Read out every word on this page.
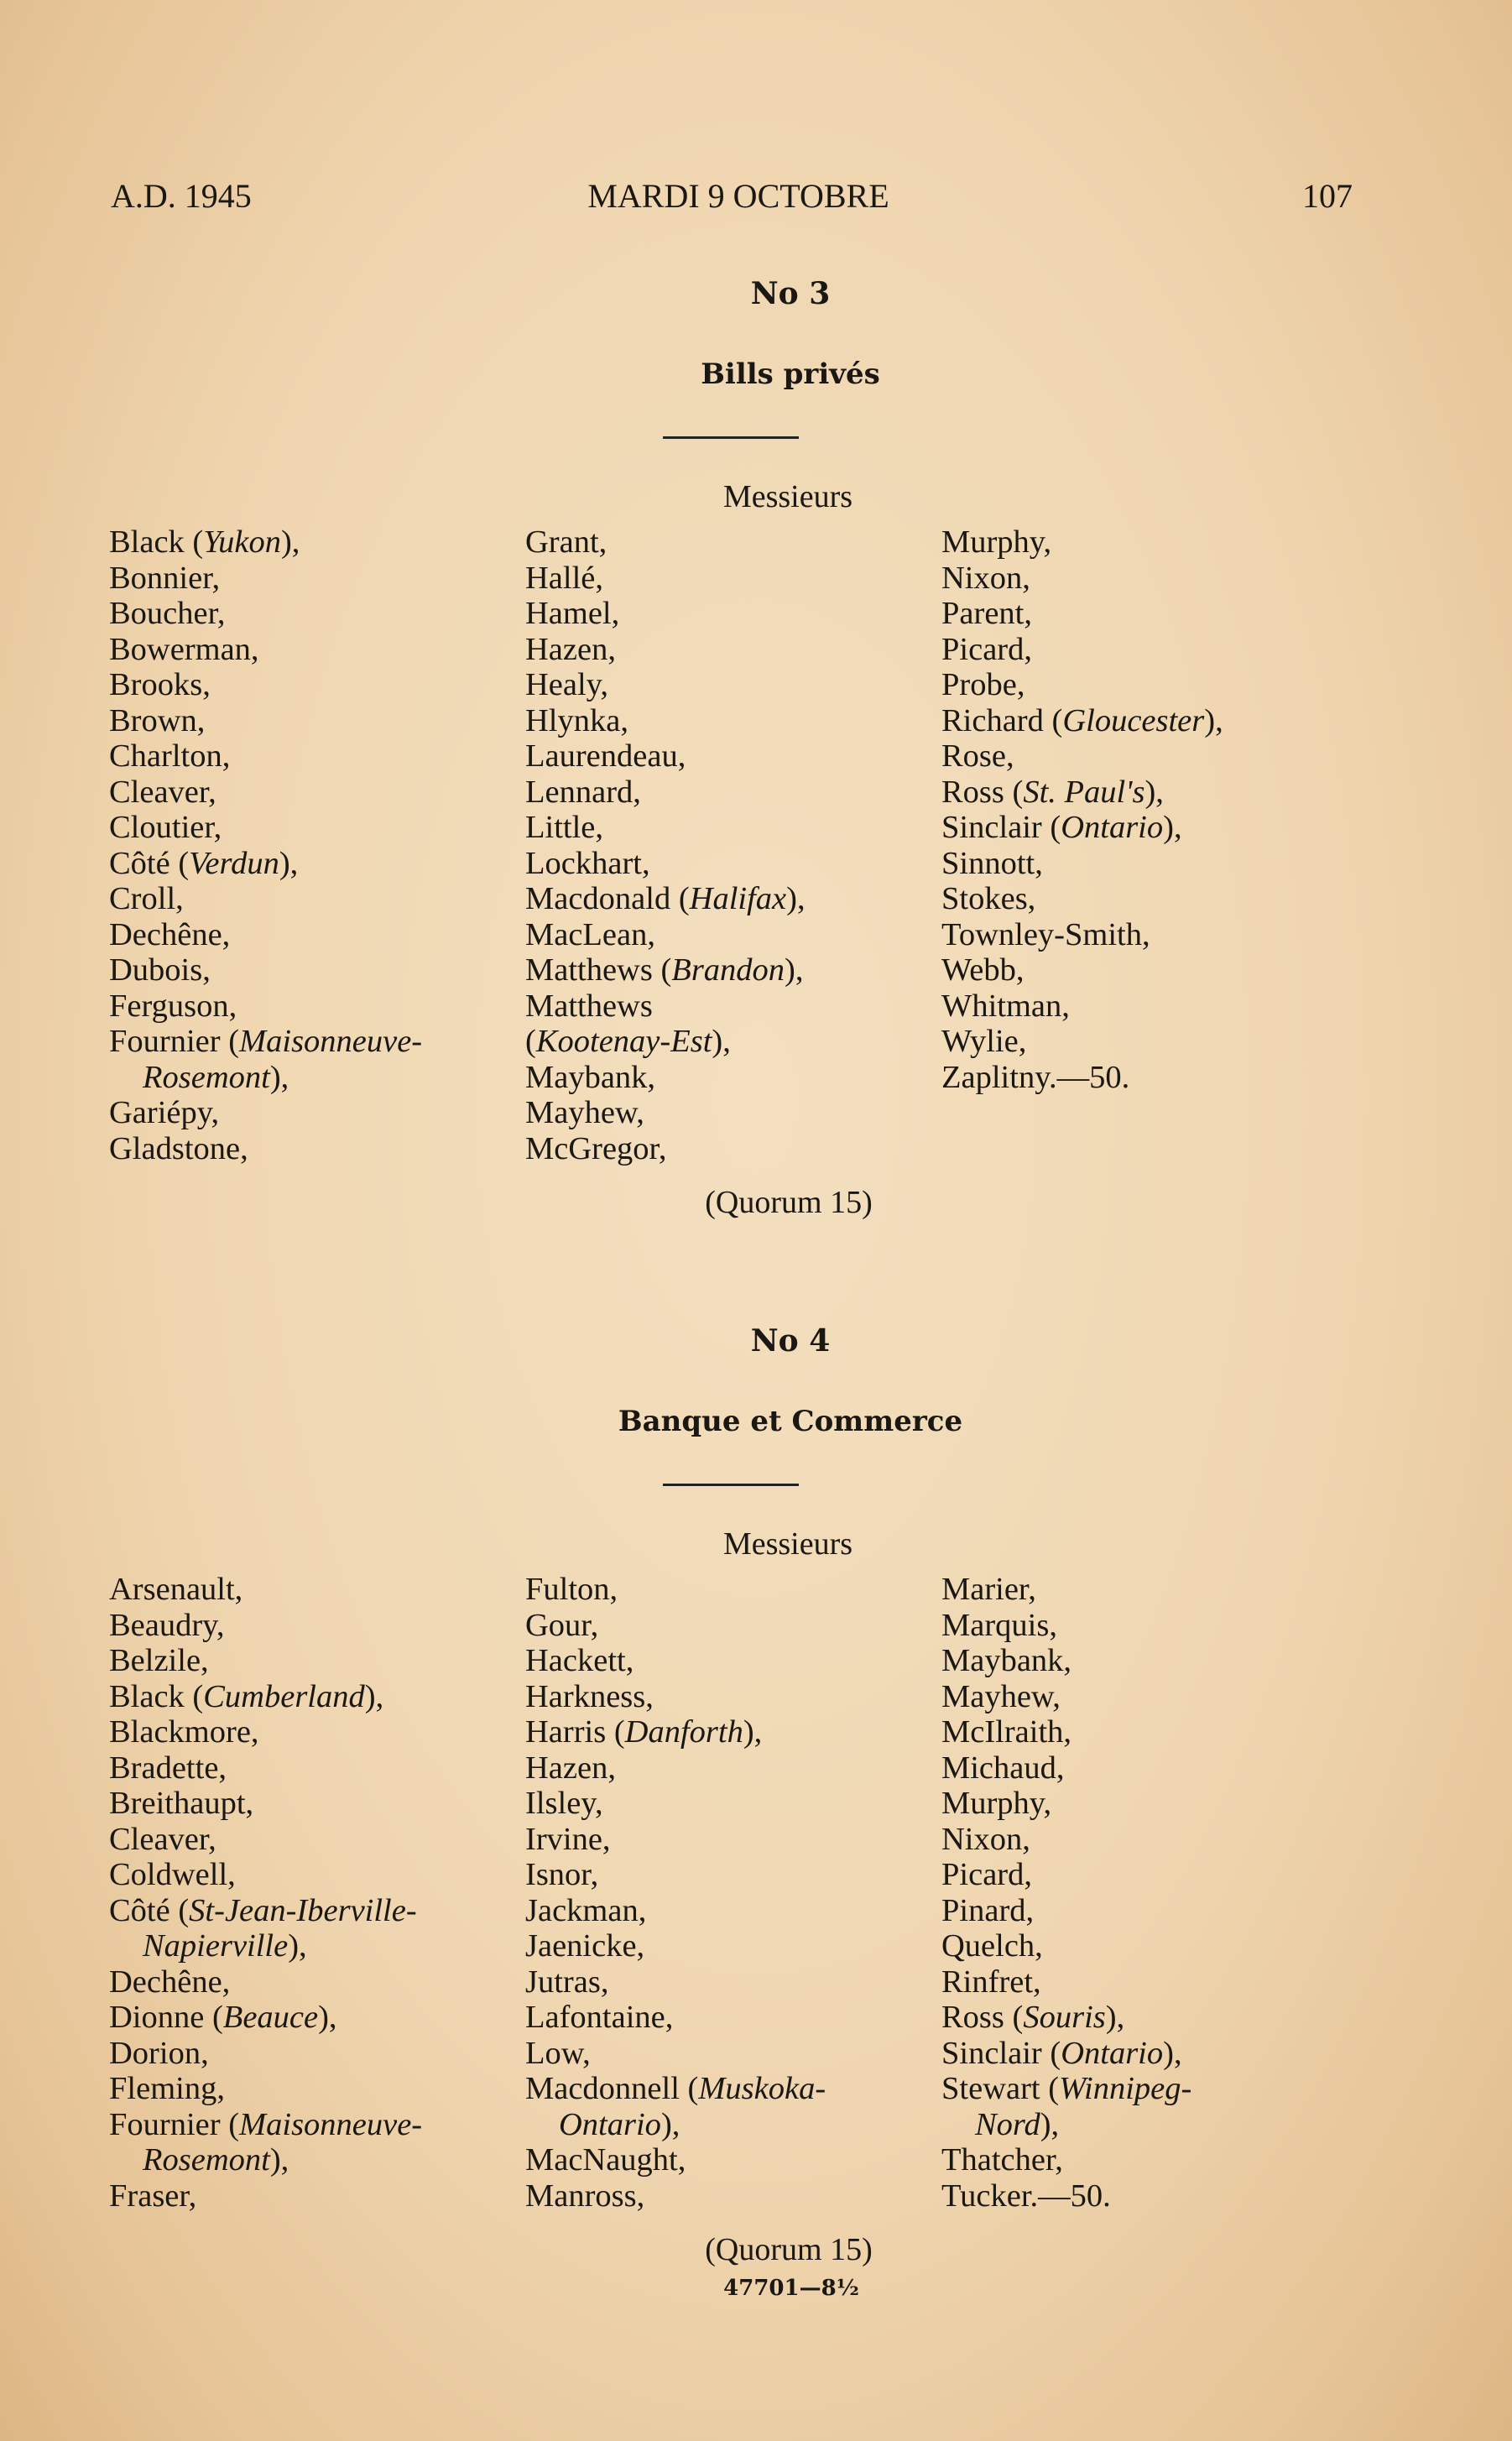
A.D. 1945	MARDI 9 OCTOBRE	107
No 3
Bills privés
Messieurs
Black (Yukon),
Bonnier,
Boucher,
Bowerman,
Brooks,
Brown,
Charlton,
Cleaver,
Cloutier,
Côté (Verdun),
Croll,
Dechêne,
Dubois,
Ferguson,
Fournier (Maisonneuve-
Rosemont),
Gariépy,
Gladstone,
Grant,
Hallé,
Hamel,
Hazen,
Healy,
Hlynka,
Laurendeau,
Lennard,
Little,
Lockhart,
Macdonald (Halifax),
MacLean,
Matthews (Brandon),
Matthews
(Kootenay-Est),
Maybank,
Mayhew,
McGregor,
Murphy,
Nixon,
Parent,
Picard,
Probe,
Richard (Gloucester),
Rose,
Ross (St. Paul's),
Sinclair (Ontario),
Sinnott,
Stokes,
Townley-Smith,
Webb,
Whitman,
Wylie,
Zaplitny.—50.
(Quorum 15)
No 4
Banque et Commerce
Messieurs
Arsenault,
Beaudry,
Belzile,
Black (Cumberland),
Blackmore,
Bradette,
Breithaupt,
Cleaver,
Coldwell,
Côté (St-Jean-Iberville-
Napierville),
Dechêne,
Dionne (Beauce),
Dorion,
Fleming,
Fournier (Maisonneuve-
Rosemont),
Fraser,
Fulton,
Gour,
Hackett,
Harkness,
Harris (Danforth),
Hazen,
Ilsley,
Irvine,
Isnor,
Jackman,
Jaenicke,
Jutras,
Lafontaine,
Low,
Macdonnell (Muskoka-
Ontario),
MacNaught,
Manross,
Marier,
Marquis,
Maybank,
Mayhew,
McIlraith,
Michaud,
Murphy,
Nixon,
Picard,
Pinard,
Quelch,
Rinfret,
Ross (Souris),
Sinclair (Ontario),
Stewart (Winnipeg-
Nord),
Thatcher,
Tucker.—50.
(Quorum 15)
47701—8½
